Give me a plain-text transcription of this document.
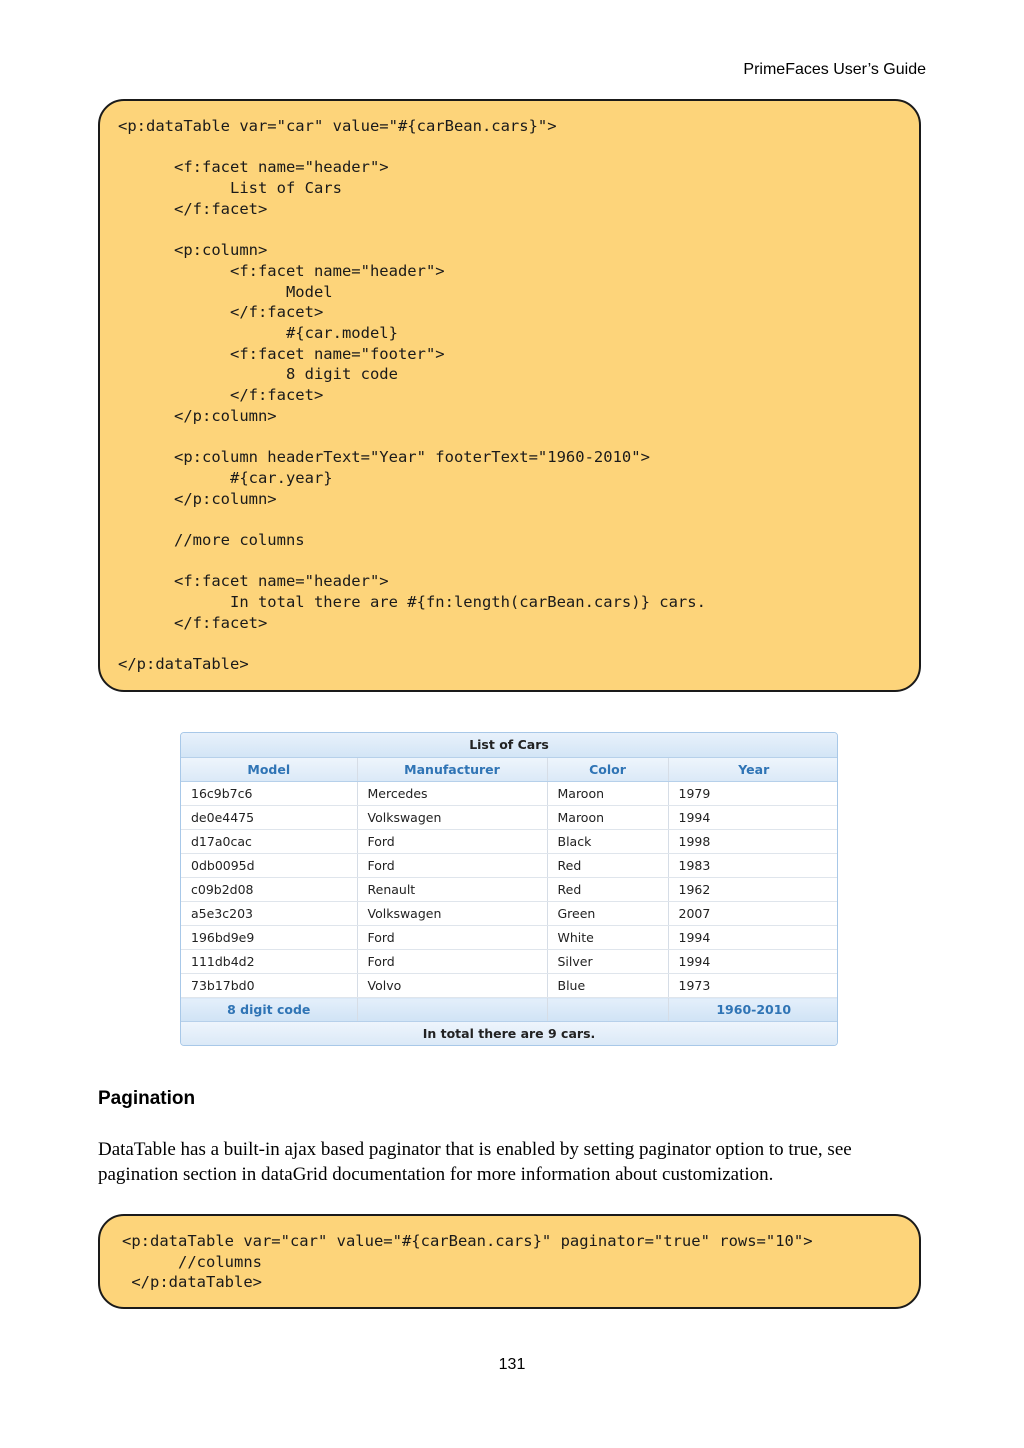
PrimeFaces User’s Guide
<p:dataTable var="car" value="#{carBean.cars}">

<f:facet name="header">
List of Cars
</f:facet>

<p:column>
<f:facet name="header">
Model
</f:facet>
#{car.model}
<f:facet name="footer">
8 digit code
</f:facet>
</p:column>

<p:column headerText="Year" footerText="1960-2010">
#{car.year}
</p:column>

//more columns

<f:facet name="header">
In total there are #{fn:length(carBean.cars)} cars.
</f:facet>

</p:dataTable>
List of Cars
Model	Manufacturer	Color	Year
16c9b7c6	Mercedes	Maroon	1979
de0e4475	Volkswagen	Maroon	1994
d17a0cac	Ford	Black	1998
0db0095d	Ford	Red	1983
c09b2d08	Renault	Red	1962
a5e3c203	Volkswagen	Green	2007
196bd9e9	Ford	White	1994
111db4d2	Ford	Silver	1994
73b17bd0	Volvo	Blue	1973
8 digit code			1960-2010
In total there are 9 cars.
Pagination

DataTable has a built-in ajax based paginator that is enabled by setting paginator option to true, see pagination section in dataGrid documentation for more information about customization.

<p:dataTable var="car" value="#{carBean.cars}" paginator="true" rows="10">
//columns
</p:dataTable>
131
